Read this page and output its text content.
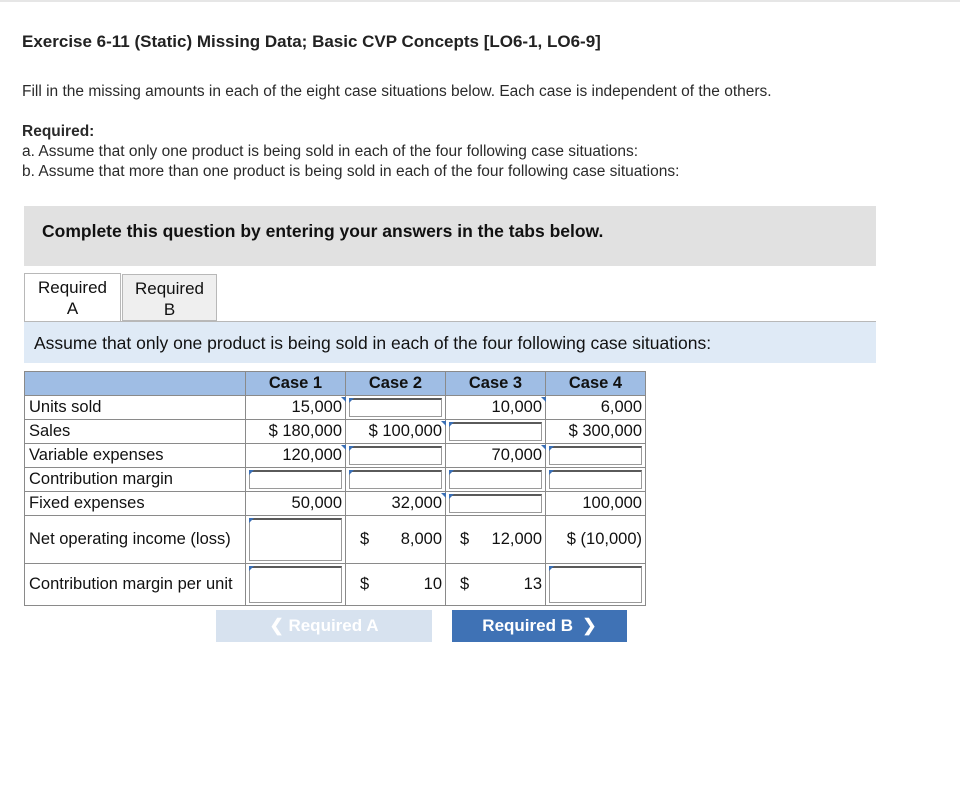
Exercise 6-11 (Static) Missing Data; Basic CVP Concepts [LO6-1, LO6-9]
Fill in the missing amounts in each of the eight case situations below. Each case is independent of the others.
Required:
a. Assume that only one product is being sold in each of the four following case situations:
b. Assume that more than one product is being sold in each of the four following case situations:
Complete this question by entering your answers in the tabs below.
Required
A
Required
B
Assume that only one product is being sold in each of the four following case situations:
	Case 1	Case 2	Case 3	Case 4
Units sold	15,000		10,000	6,000
Sales	$ 180,000	$ 100,000		$ 300,000
Variable expenses	120,000		70,000	

Contribution margin	

Fixed expenses	50,000	32,000		100,000
Net operating income (loss)		$ 8,000	$ 12,000	$ (10,000)
Contribution margin per unit		$ 10	$ 13	
❮ Required A	Required B  ❯
